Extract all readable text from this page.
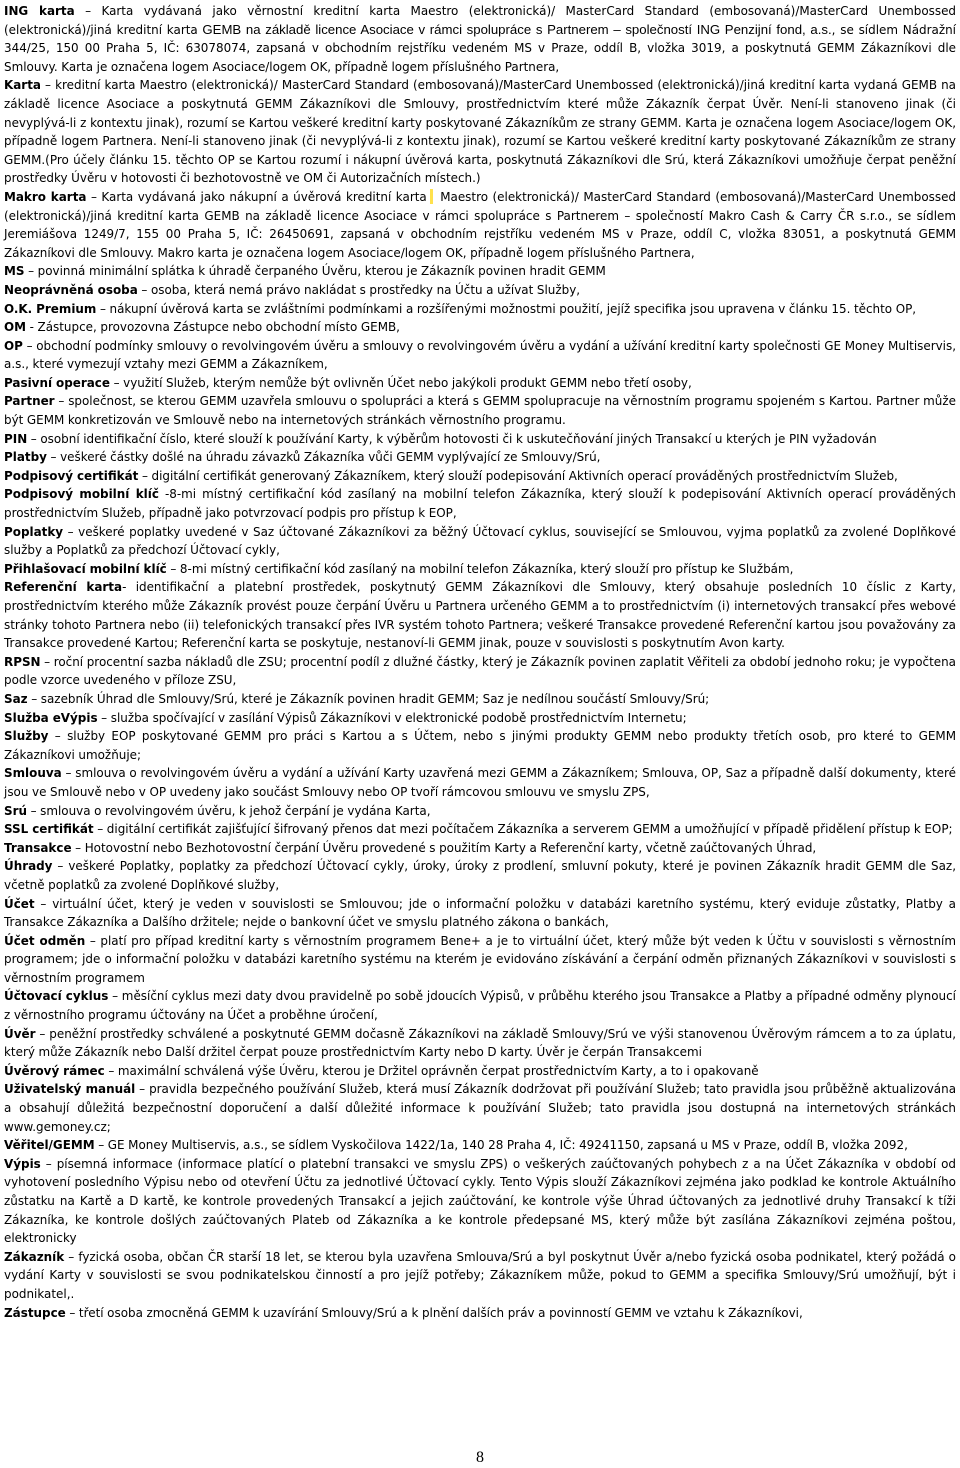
ING karta – Karta vydávaná jako věrnostní kreditní karta Maestro (elektronická)/ MasterCard Standard (embosovaná)/MasterCard Unembossed (elektronická)/jiná kreditní karta GEMB na základě licence Asociace v rámci spolupráce s Partnerem – společností ING Penzijní fond, a.s., se sídlem Nádražní 344/25, 150 00 Praha 5, IČ: 63078074, zapsaná v obchodním rejstříku vedeném MS v Praze, oddíl B, vložka 3019, a poskytnutá GEMM Zákazníkovi dle Smlouvy. Karta je označena logem Asociace/logem OK, případně logem příslušného Partnera,

Karta – kreditní karta Maestro (elektronická)/ MasterCard Standard (embosovaná)/MasterCard Unembossed (elektronická)/jiná kreditní karta vydaná GEMB na základě licence Asociace a poskytnutá GEMM Zákazníkovi dle Smlouvy, prostřednictvím které může Zákazník čerpat Úvěr. Není-li stanoveno jinak (či nevyplývá-li z kontextu jinak), rozumí se Kartou veškeré kreditní karty poskytované Zákazníkům ze strany GEMM. Karta je označena logem Asociace/logem OK, případně logem Partnera. Není-li stanoveno jinak (či nevyplývá-li z kontextu jinak), rozumí se Kartou veškeré kreditní karty poskytované Zákazníkům ze strany GEMM.(Pro účely článku 15. těchto OP se Kartou rozumí i nákupní úvěrová karta, poskytnutá Zákazníkovi dle Srú, která Zákazníkovi umožňuje čerpat peněžní prostředky Úvěru v hotovosti či bezhotovostně ve OM či Autorizačních místech.)

Makro karta – Karta vydávaná jako nákupní a úvěrová kreditní karta Maestro (elektronická)/ MasterCard Standard (embosovaná)/MasterCard Unembossed (elektronická)/jiná kreditní karta GEMB na základě licence Asociace v rámci spolupráce s Partnerem – společností Makro Cash & Carry ČR s.r.o., se sídlem Jeremiášova 1249/7, 155 00 Praha 5, IČ: 26450691, zapsaná v obchodním rejstříku vedeném MS v Praze, oddíl C, vložka 83051, a poskytnutá GEMM Zákazníkovi dle Smlouvy. Makro karta je označena logem Asociace/logem OK, případně logem příslušného Partnera,

MS – povinná minimální splátka k úhradě čerpaného Úvěru, kterou je Zákazník povinen hradit GEMM

Neoprávněná osoba – osoba, která nemá právo nakládat s prostředky na Účtu a užívat Služby,

O.K. Premium – nákupní úvěrová karta se zvláštními podmínkami a rozšířenými možnostmi použití, jejíž specifika jsou upravena v článku 15. těchto OP,

OM - Zástupce, provozovna Zástupce nebo obchodní místo GEMB,

OP – obchodní podmínky smlouvy o revolvingovém úvěru a smlouvy o revolvingovém úvěru a vydání a užívání kreditní karty společnosti GE Money Multiservis, a.s., které vymezují vztahy mezi GEMM a Zákazníkem,

Pasivní operace – využití Služeb, kterým nemůže být ovlivněn Účet nebo jakýkoli produkt GEMM nebo třetí osoby,

Partner – společnost, se kterou GEMM uzavřela smlouvu o spolupráci a která s GEMM spolupracuje na věrnostním programu spojeném s Kartou. Partner může být GEMM konkretizován ve Smlouvě nebo na internetových stránkách věrnostního programu.

PIN – osobní identifikační číslo, které slouží k používání Karty, k výběrům hotovosti či k uskutečňování jiných Transakcí u kterých je PIN vyžadován

Platby – veškeré částky došlé na úhradu závazků Zákazníka vůči GEMM vyplývající ze Smlouvy/Srú,

Podpisový certifikát – digitální certifikát generovaný Zákazníkem, který slouží podepisování Aktivních operací prováděných prostřednictvím Služeb,

Podpisový mobilní klíč -8-mi místný certifikační kód zasílaný na mobilní telefon Zákazníka, který slouží k podepisování Aktivních operací prováděných prostřednictvím Služeb, případně jako potvrzovací podpis pro přístup k EOP,

Poplatky – veškeré poplatky uvedené v Saz účtované Zákazníkovi za běžný Účtovací cyklus, související se Smlouvou, vyjma poplatků za zvolené Doplňkové služby a Poplatků za předchozí Účtovací cykly,

Přihlašovací mobilní klíč – 8-mi místný certifikační kód zasílaný na mobilní telefon Zákazníka, který slouží pro přístup ke Službám,

Referenční karta- identifikační a platební prostředek, poskytnutý GEMM Zákazníkovi dle Smlouvy, který obsahuje posledních 10 číslic z Karty, prostřednictvím kterého může Zákazník provést pouze čerpání Úvěru u Partnera určeného GEMM a to prostřednictvím (i) internetových transakcí přes webové stránky tohoto Partnera nebo (ii) telefonických transakcí přes IVR systém tohoto Partnera; veškeré Transakce provedené Referenční kartou jsou považovány za Transakce provedené Kartou; Referenční karta se poskytuje, nestanoví-li GEMM jinak, pouze v souvislosti s poskytnutím Avon karty.

RPSN – roční procentní sazba nákladů dle ZSU; procentní podíl z dlužné částky, který je Zákazník povinen zaplatit Věřiteli za období jednoho roku; je vypočtena podle vzorce uvedeného v příloze ZSU,

Saz – sazebník Úhrad dle Smlouvy/Srú, které je Zákazník povinen hradit GEMM; Saz je nedílnou součástí Smlouvy/Srú;

Služba eVýpis – služba spočívající v zasílání Výpisů Zákazníkovi v elektronické podobě prostřednictvím Internetu;

Služby – služby EOP poskytované GEMM pro práci s Kartou a s Účtem, nebo s jinými produkty GEMM nebo produkty třetích osob, pro které to GEMM Zákazníkovi umožňuje;

Smlouva – smlouva o revolvingovém úvěru a vydání a užívání Karty uzavřená mezi GEMM a Zákazníkem; Smlouva, OP, Saz a případně další dokumenty, které jsou ve Smlouvě nebo v OP uvedeny jako součást Smlouvy nebo OP tvoří rámcovou smlouvu ve smyslu ZPS,

Srú – smlouva o revolvingovém úvěru, k jehož čerpání je vydána Karta,

SSL certifikát – digitální certifikát zajišťující šifrovaný přenos dat mezi počítačem Zákazníka a serverem GEMM a umožňující v případě přidělení přístup k EOP;

Transakce – Hotovostní nebo Bezhotovostní čerpání Úvěru provedené s použitím Karty a Referenční karty, včetně zaúčtovaných Úhrad,

Úhrady – veškeré Poplatky, poplatky za předchozí Účtovací cykly, úroky, úroky z prodlení, smluvní pokuty, které je povinen Zákazník hradit GEMM dle Saz, včetně poplatků za zvolené Doplňkové služby,

Účet – virtuální účet, který je veden v souvislosti se Smlouvou; jde o informační položku v databázi karetního systému, který eviduje zůstatky, Platby a Transakce Zákazníka a Dalšího držitele; nejde o bankovní účet ve smyslu platného zákona o bankách,

Účet odměn – platí pro případ kreditní karty s věrnostním programem Bene+ a je to virtuální účet, který může být veden k Účtu v souvislosti s věrnostním programem; jde o informační položku v databázi karetního systému na kterém je evidováno získávání a čerpání odměn přiznaných Zákazníkovi v souvislosti s věrnostním programem

Účtovací cyklus – měsíční cyklus mezi daty dvou pravidelně po sobě jdoucích Výpisů, v průběhu kterého jsou Transakce a Platby a případné odměny plynoucí z věrnostního programu účtovány na Účet a proběhne úročení,

Úvěr – peněžní prostředky schválené a poskytnuté GEMM dočasně Zákazníkovi na základě Smlouvy/Srú ve výši stanovenou Úvěrovým rámcem a to za úplatu, který může Zákazník nebo Další držitel čerpat pouze prostřednictvím Karty nebo D karty. Úvěr je čerpán Transakcemi

Úvěrový rámec – maximální schválená výše Úvěru, kterou je Držitel oprávněn čerpat prostřednictvím Karty, a to i opakovaně

Uživatelský manuál – pravidla bezpečného používání Služeb, která musí Zákazník dodržovat při používání Služeb; tato pravidla jsou průběžně aktualizována a obsahují důležitá bezpečnostní doporučení a další důležité informace k používání Služeb; tato pravidla jsou dostupná na internetových stránkách www.gemoney.cz;

Věřitel/GEMM – GE Money Multiservis, a.s., se sídlem Vyskočilova 1422/1a, 140 28 Praha 4, IČ: 49241150, zapsaná u MS v Praze, oddíl B, vložka 2092,

Výpis – písemná informace (informace platící o platební transakci ve smyslu ZPS) o veškerých zaúčtovaných pohybech z a na Účet Zákazníka v období od vyhotovení posledního Výpisu nebo od otevření Účtu za jednotlivé Účtovací cykly. Tento Výpis slouží Zákazníkovi zejména jako podklad ke kontrole Aktuálního zůstatku na Kartě a D kartě, ke kontrole provedených Transakcí a jejich zaúčtování, ke kontrole výše Úhrad účtovaných za jednotlivé druhy Transakcí k tíži Zákazníka, ke kontrole došlých zaúčtovaných Plateb od Zákazníka a ke kontrole předepsané MS, který může být zasílána Zákazníkovi zejména poštou, elektronicky

Zákazník – fyzická osoba, občan ČR starší 18 let, se kterou byla uzavřena Smlouva/Srú a byl poskytnut Úvěr a/nebo fyzická osoba podnikatel, který požádá o vydání Karty v souvislosti se svou podnikatelskou činností a pro jejíž potřeby; Zákazníkem může, pokud to GEMM a specifika Smlouvy/Srú umožňují, být i podnikatel,.

Zástupce – třetí osoba zmocněná GEMM k uzavírání Smlouvy/Srú a k plnění dalších práv a povinností GEMM ve vztahu k Zákazníkovi,

8
